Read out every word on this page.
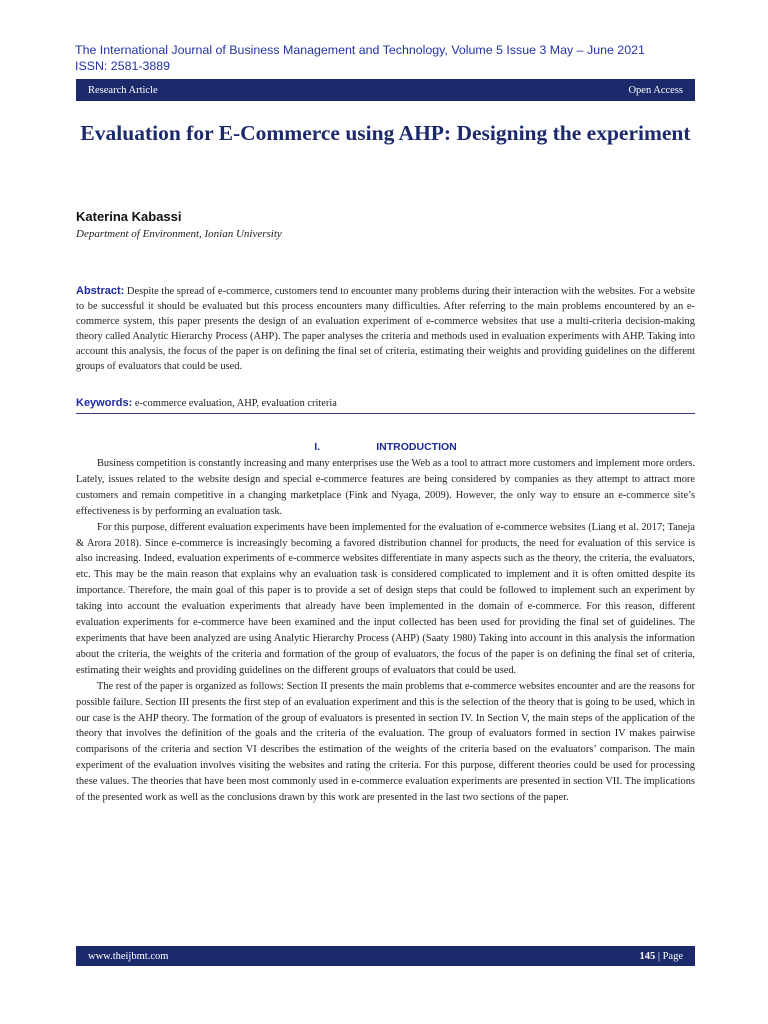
The International Journal of Business Management and Technology, Volume 5 Issue 3 May – June 2021
ISSN: 2581-3889
Research Article	Open Access
Evaluation for E-Commerce using AHP: Designing the experiment
Katerina Kabassi
Department of Environment, Ionian University
Abstract: Despite the spread of e-commerce, customers tend to encounter many problems during their interaction with the websites. For a website to be successful it should be evaluated but this process encounters many difficulties. After referring to the main problems encountered by an e-commerce system, this paper presents the design of an evaluation experiment of e-commerce websites that use a multi-criteria decision-making theory called Analytic Hierarchy Process (AHP). The paper analyses the criteria and methods used in evaluation experiments with AHP. Taking into account this analysis, the focus of the paper is on defining the final set of criteria, estimating their weights and providing guidelines on the different groups of evaluators that could be used.
Keywords: e-commerce evaluation, AHP, evaluation criteria
I.	INTRODUCTION

Business competition is constantly increasing and many enterprises use the Web as a tool to attract more customers and implement more orders. Lately, issues related to the website design and special e-commerce features are being considered by companies as they attempt to attract more customers and remain competitive in a changing marketplace (Fink and Nyaga, 2009). However, the only way to ensure an e-commerce site’s effectiveness is by performing an evaluation task.

For this purpose, different evaluation experiments have been implemented for the evaluation of e-commerce websites (Liang et al. 2017; Taneja & Arora 2018). Since e-commerce is increasingly becoming a favored distribution channel for products, the need for evaluation of this service is also increasing. Indeed, evaluation experiments of e-commerce websites differentiate in many aspects such as the theory, the criteria, the evaluators, etc. This may be the main reason that explains why an evaluation task is considered complicated to implement and it is often omitted despite its importance. Therefore, the main goal of this paper is to provide a set of design steps that could be followed to implement such an experiment by taking into account the evaluation experiments that already have been implemented in the domain of e-commerce. For this reason, different evaluation experiments for e-commerce have been examined and the input collected has been used for providing the final set of guidelines. The experiments that have been analyzed are using Analytic Hierarchy Process (AHP) (Saaty 1980) Taking into account in this analysis the information about the criteria, the weights of the criteria and formation of the group of evaluators, the focus of the paper is on defining the final set of criteria, estimating their weights and providing guidelines on the different groups of evaluators that could be used.

The rest of the paper is organized as follows: Section II presents the main problems that e-commerce websites encounter and are the reasons for possible failure. Section III presents the first step of an evaluation experiment and this is the selection of the theory that is going to be used, which in our case is the AHP theory. The formation of the group of evaluators is presented in section IV. In Section V, the main steps of the application of the theory that involves the definition of the goals and the criteria of the evaluation. The group of evaluators formed in section IV makes pairwise comparisons of the criteria and section VI describes the estimation of the weights of the criteria based on the evaluators’ comparison. The main experiment of the evaluation involves visiting the websites and rating the criteria. For this purpose, different theories could be used for processing these values. The theories that have been most commonly used in e-commerce evaluation experiments are presented in section VII. The implications of the presented work as well as the conclusions drawn by this work are presented in the last two sections of the paper.

www.theijbmt.com	145 | Page
